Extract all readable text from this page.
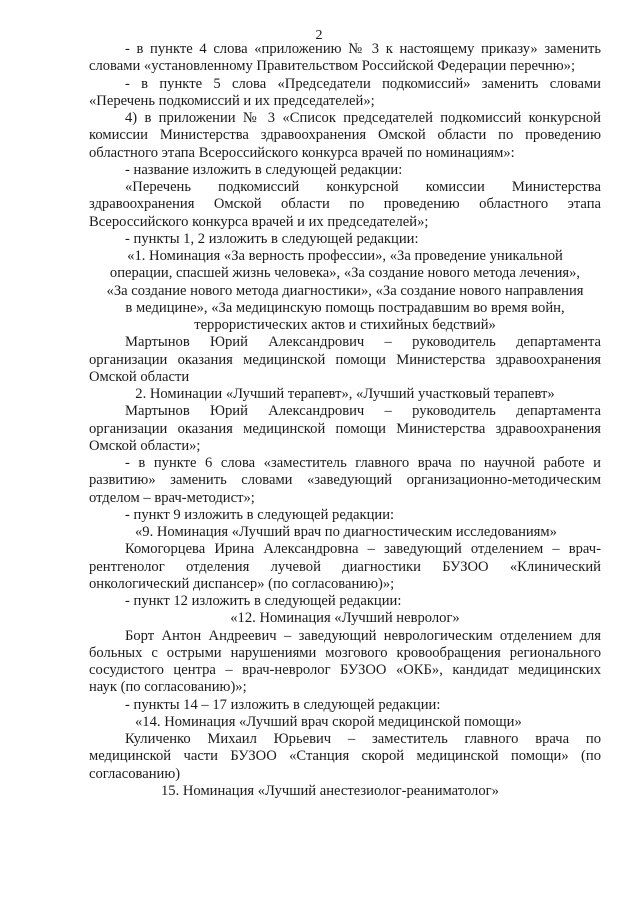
2

- в пункте 4 слова «приложению № 3 к настоящему приказу» заменить

словами «установленному Правительством Российской Федерации перечню»;

- в пункте 5 слова «Председатели подкомиссий» заменить словами

«Перечень подкомиссий и их председателей»;

4) в приложении № 3 «Список председателей подкомиссий конкурсной

комиссии Министерства здравоохранения Омской области по проведению

областного этапа Всероссийского конкурса врачей по номинациям»:

- название изложить в следующей редакции:

«Перечень подкомиссий конкурсной комиссии Министерства

здравоохранения Омской области по проведению областного этапа

Всероссийского конкурса врачей и их председателей»;

- пункты 1, 2 изложить в следующей редакции:

«1. Номинация «За верность профессии», «За проведение уникальной

операции, спасшей жизнь человека», «За создание нового метода лечения»,

«За создание нового метода диагностики», «За создание нового направления

в медицине», «За медицинскую помощь пострадавшим во время войн,

террористических актов и стихийных бедствий»

Мартынов Юрий Александрович – руководитель департамента

организации оказания медицинской помощи Министерства здравоохранения

Омской области

2. Номинации «Лучший терапевт», «Лучший участковый терапевт»

Мартынов Юрий Александрович – руководитель департамента

организации оказания медицинской помощи Министерства здравоохранения

Омской области»;

- в пункте 6 слова «заместитель главного врача по научной работе и

развитию» заменить словами «заведующий организационно-методическим

отделом – врач-методист»;

- пункт 9 изложить в следующей редакции:

«9. Номинация «Лучший врач по диагностическим исследованиям»

Комогорцева Ирина Александровна – заведующий отделением – врач-

рентгенолог отделения лучевой диагностики БУЗОО «Клинический

онкологический диспансер» (по согласованию)»;

- пункт 12 изложить в следующей редакции:

«12. Номинация «Лучший невролог»

Борт Антон Андреевич – заведующий неврологическим отделением для

больных с острыми нарушениями мозгового кровообращения регионального

сосудистого центра – врач-невролог БУЗОО «ОКБ», кандидат медицинских

наук (по согласованию)»;

- пункты 14 – 17 изложить в следующей редакции:

«14. Номинация «Лучший врач скорой медицинской помощи»

Куличенко Михаил Юрьевич – заместитель главного врача по

медицинской части БУЗОО «Станция скорой медицинской помощи» (по

согласованию)

15. Номинация «Лучший анестезиолог-реаниматолог»
